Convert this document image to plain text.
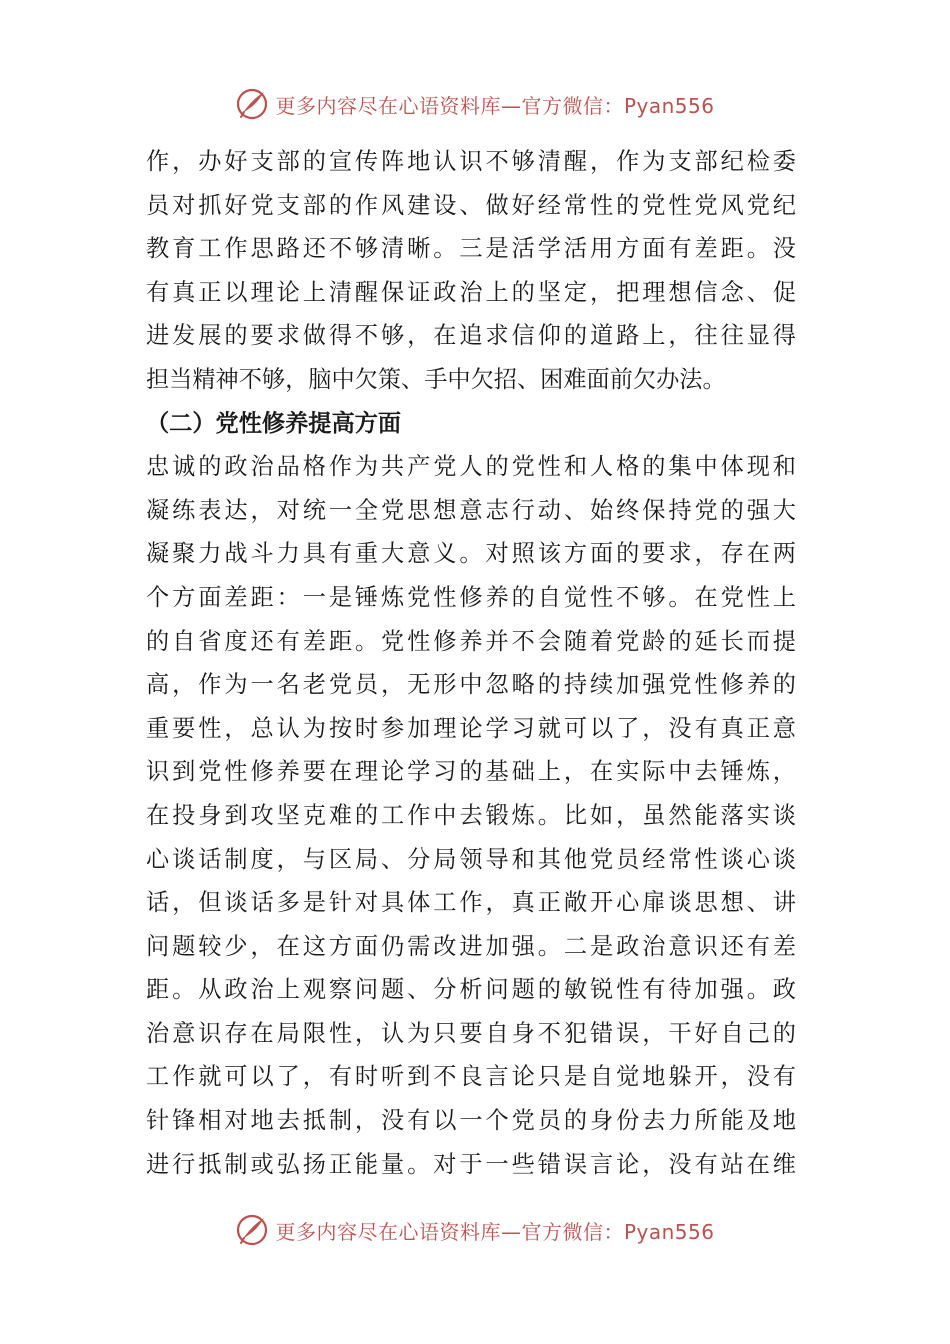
更多内容尽在心语资料库—官方微信：Pyan556
作，办好支部的宣传阵地认识不够清醒，作为支部纪检委
员对抓好党支部的作风建设、做好经常性的党性党风党纪
教育工作思路还不够清晰。三是活学活用方面有差距。没
有真正以理论上清醒保证政治上的坚定，把理想信念、促
进发展的要求做得不够，在追求信仰的道路上，往往显得
担当精神不够，脑中欠策、手中欠招、困难面前欠办法。
（二）党性修养提高方面
忠诚的政治品格作为共产党人的党性和人格的集中体现和
凝练表达，对统一全党思想意志行动、始终保持党的强大
凝聚力战斗力具有重大意义。对照该方面的要求，存在两
个方面差距：一是锤炼党性修养的自觉性不够。在党性上
的自省度还有差距。党性修养并不会随着党龄的延长而提
高，作为一名老党员，无形中忽略的持续加强党性修养的
重要性，总认为按时参加理论学习就可以了，没有真正意
识到党性修养要在理论学习的基础上，在实际中去锤炼，
在投身到攻坚克难的工作中去锻炼。比如，虽然能落实谈
心谈话制度，与区局、分局领导和其他党员经常性谈心谈
话，但谈话多是针对具体工作，真正敞开心扉谈思想、讲
问题较少，在这方面仍需改进加强。二是政治意识还有差
距。从政治上观察问题、分析问题的敏锐性有待加强。政
治意识存在局限性，认为只要自身不犯错误，干好自己的
工作就可以了，有时听到不良言论只是自觉地躲开，没有
针锋相对地去抵制，没有以一个党员的身份去力所能及地
进行抵制或弘扬正能量。对于一些错误言论，没有站在维
更多内容尽在心语资料库—官方微信：Pyan556
